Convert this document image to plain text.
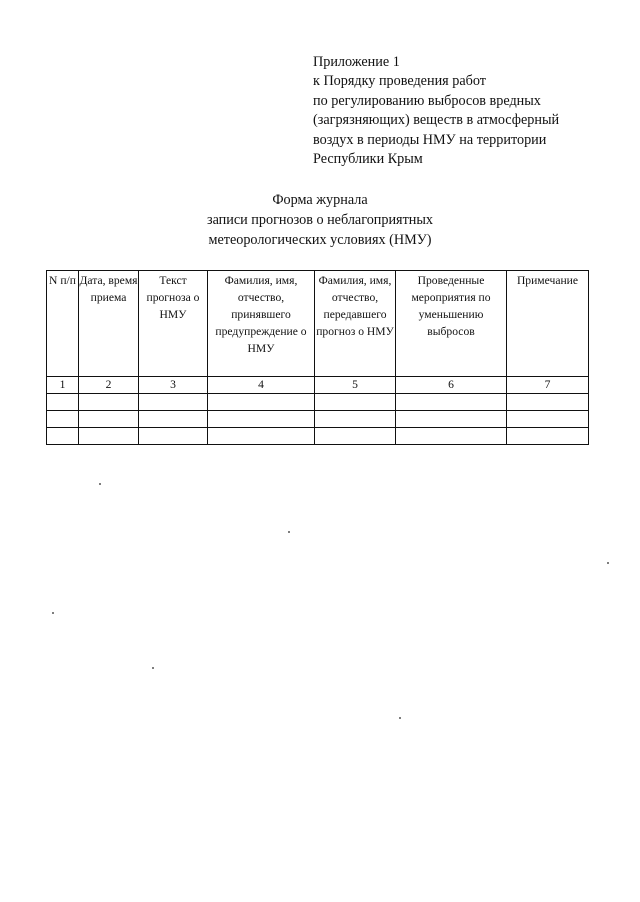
Приложение 1
к Порядку проведения работ
по регулированию выбросов вредных
(загрязняющих) веществ в атмосферный
воздух в периоды НМУ на территории
Республики Крым
Форма журнала
записи прогнозов о неблагоприятных
метеорологических условиях (НМУ)
N п/п	Дата, время приема	Текст прогноза о НМУ	Фамилия, имя, отчество, принявшего предупреждение о НМУ	Фамилия, имя, отчество, передавшего прогноз о НМУ	Проведенные мероприятия по уменьшению выбросов	Примечание
1	2	3	4	5	6	7
